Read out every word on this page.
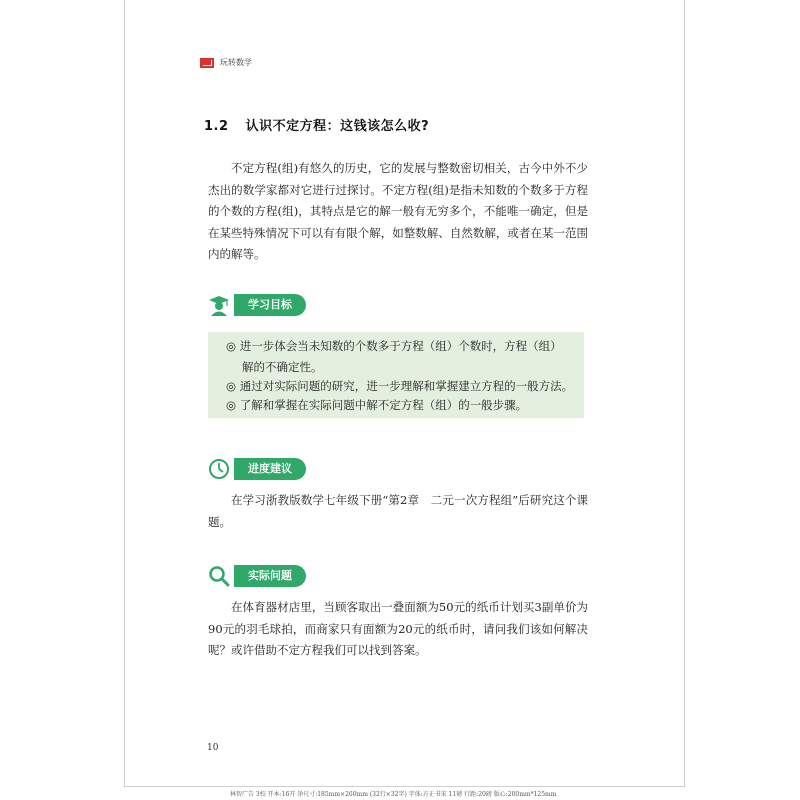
玩转数学
1.2 认识不定方程：这钱该怎么收?

不定方程(组)有悠久的历史，它的发展与整数密切相关，古今中外不少杰出的数学家都对它进行过探讨。不定方程(组)是指未知数的个数多于方程的个数的方程(组)，其特点是它的解一般有无穷多个，不能唯一确定，但是在某些特殊情况下可以有有限个解，如整数解、自然数解，或者在某一范围内的解等。

学习目标
◎ 进一步体会当未知数的个数多于方程（组）个数时，方程（组）
解的不确定性。
◎ 通过对实际问题的研究，进一步理解和掌握建立方程的一般方法。
◎ 了解和掌握在实际问题中解不定方程（组）的一般步骤。
进度建议

在学习浙教版数学七年级下册“第2章　二元一次方程组”后研究这个课题。

实际问题

在体育器材店里，当顾客取出一叠面额为50元的纸币计划买3副单价为90元的羽毛球拍，而商家只有面额为20元的纸币时，请问我们该如何解决呢？或许借助不定方程我们可以找到答案。

10
林智广告 3校 开本:16开 净尺寸:185mm×260mm (32行×32字) 字体:方正书宋 11磅 行距:20磅 版心:200mm*125mm
